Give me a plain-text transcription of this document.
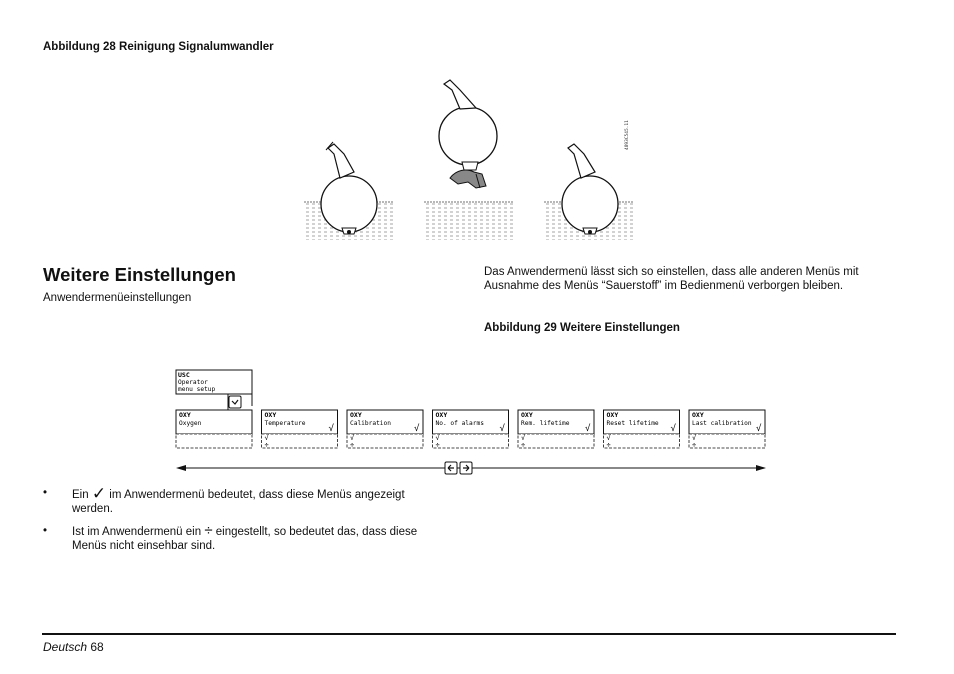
Abbildung 28 Reinigung Signalumwandler
4893C545.11
Weitere Einstellungen
Anwendermenüeinstellungen
Das Anwendermenü lässt sich so einstellen, dass alle anderen Menüs mit Ausnahme des Menüs “Sauerstoff” im Bedienmenü verborgen bleiben.
Abbildung 29 Weitere Einstellungen
USC
Operator
menu setup
OXY
Oxygen
OXY
Temperature
√
√
÷
OXY
Calibration
√
√
÷
OXY
No. of alarms
√
√
÷
OXY
Rem. lifetime
√
√
÷
OXY
Reset lifetime
√
√
÷
OXY
Last calibration
√
√
÷
• Ein ✓ im Anwendermenü bedeutet, dass diese Menüs angezeigt werden.
• Ist im Anwendermenü ein ÷ eingestellt, so bedeutet das, dass diese Menüs nicht einsehbar sind.
Deutsch 68
